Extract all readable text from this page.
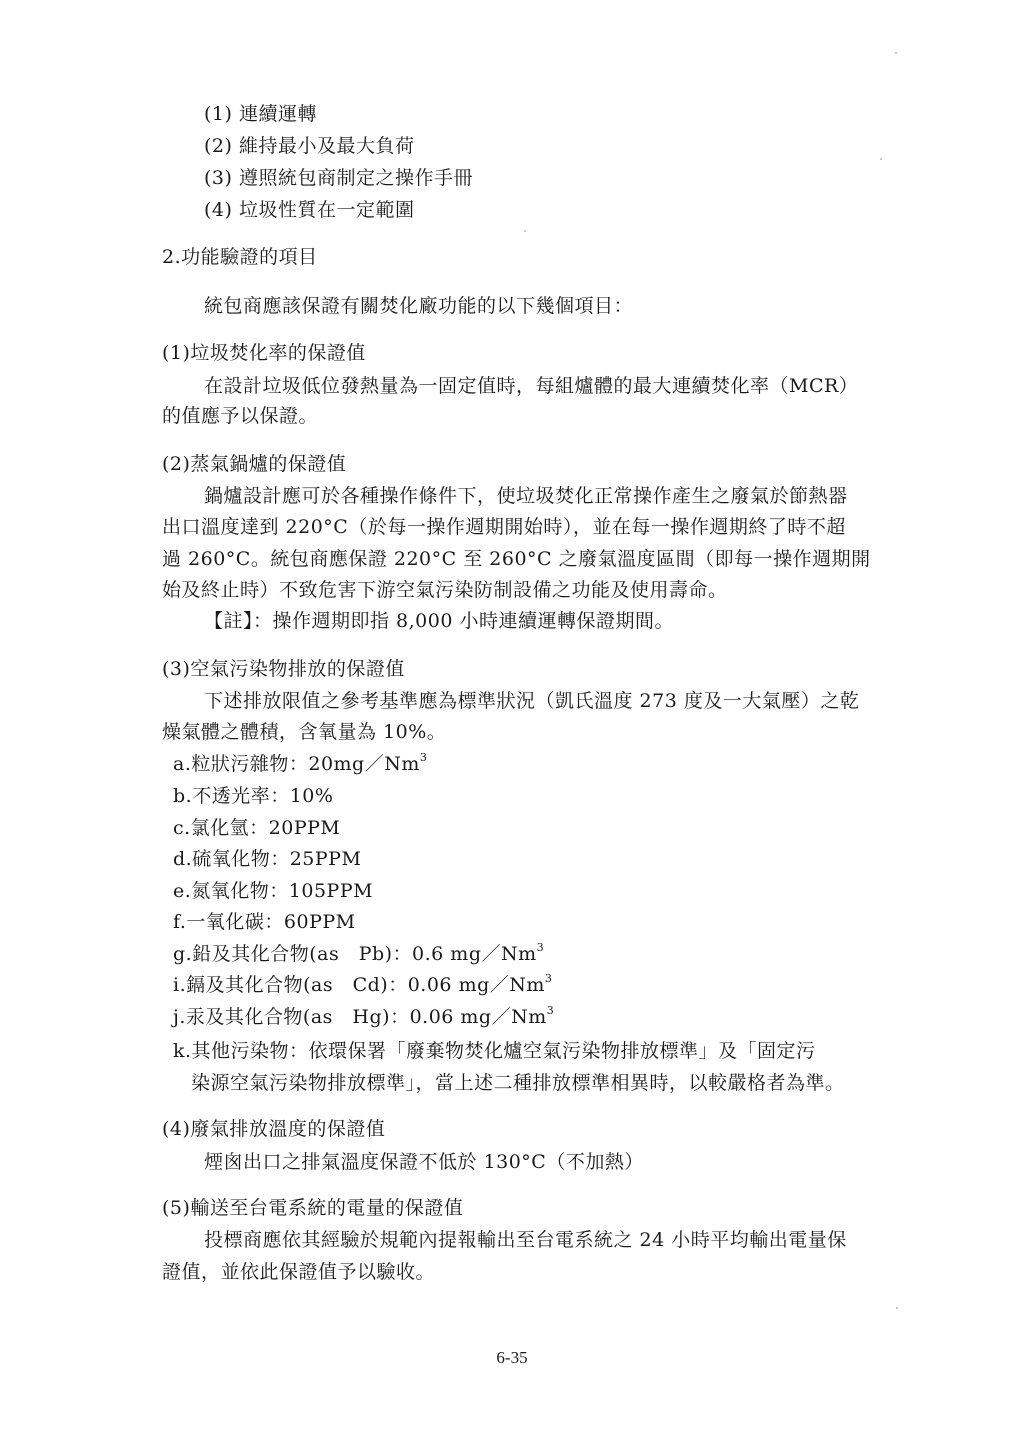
(1) 連續運轉
(2) 維持最小及最大負荷
(3) 遵照統包商制定之操作手冊
(4) 垃圾性質在一定範圍
2.功能驗證的項目
統包商應該保證有關焚化廠功能的以下幾個項目：
(1)垃圾焚化率的保證值
在設計垃圾低位發熱量為一固定值時，每組爐體的最大連續焚化率（MCR）
的值應予以保證。
(2)蒸氣鍋爐的保證值
鍋爐設計應可於各種操作條件下，使垃圾焚化正常操作產生之廢氣於節熱器
出口溫度達到 220°C（於每一操作週期開始時），並在每一操作週期終了時不超
過 260°C。統包商應保證 220°C 至 260°C 之廢氣溫度區間（即每一操作週期開
始及終止時）不致危害下游空氣污染防制設備之功能及使用壽命。
【註】：操作週期即指 8,000 小時連續運轉保證期間。
(3)空氣污染物排放的保證值
下述排放限值之參考基準應為標準狀況（凱氏溫度 273 度及一大氣壓）之乾
燥氣體之體積，含氧量為 10%。
a.粒狀污雜物：20mg／Nm$^3$
b.不透光率：10%
c.氯化氫：20PPM
d.硫氧化物：25PPM
e.氮氧化物：105PPM
f.一氧化碳：60PPM
g.鉛及其化合物(as　Pb)：0.6 mg／Nm$^3$
i.鎘及其化合物(as　Cd)：0.06 mg／Nm$^3$
j.汞及其化合物(as　Hg)：0.06 mg／Nm$^3$
k.其他污染物：依環保署「廢棄物焚化爐空氣污染物排放標準」及「固定污
染源空氣污染物排放標準」，當上述二種排放標準相異時，以較嚴格者為準。
(4)廢氣排放溫度的保證值
煙囪出口之排氣溫度保證不低於 130°C（不加熱）
(5)輸送至台電系統的電量的保證值
投標商應依其經驗於規範內提報輸出至台電系統之 24 小時平均輸出電量保
證值，並依此保證值予以驗收。
6-35
